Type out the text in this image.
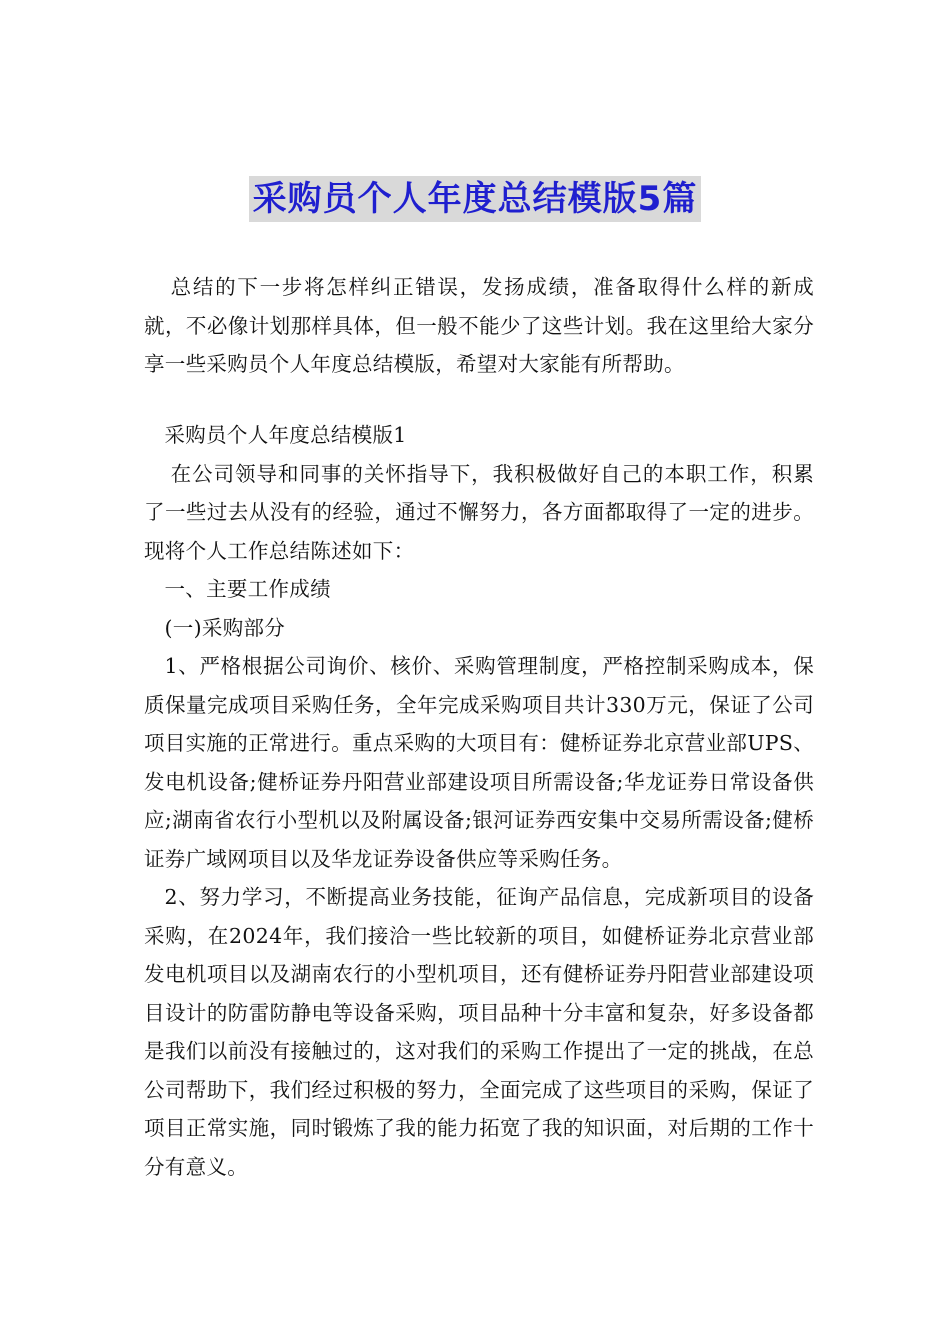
采购员个人年度总结模版5篇

总结的下一步将怎样纠正错误，发扬成绩，准备取得什么样的新成就，不必像计划那样具体，但一般不能少了这些计划。我在这里给大家分享一些采购员个人年度总结模版，希望对大家能有所帮助。

采购员个人年度总结模版1

在公司领导和同事的关怀指导下，我积极做好自己的本职工作，积累了一些过去从没有的经验，通过不懈努力，各方面都取得了一定的进步。现将个人工作总结陈述如下：

一、主要工作成绩

(一)采购部分

1、严格根据公司询价、核价、采购管理制度，严格控制采购成本，保质保量完成项目采购任务，全年完成采购项目共计330万元，保证了公司项目实施的正常进行。重点采购的大项目有：健桥证券北京营业部UPS、发电机设备;健桥证券丹阳营业部建设项目所需设备;华龙证券日常设备供应;湖南省农行小型机以及附属设备;银河证券西安集中交易所需设备;健桥证券广域网项目以及华龙证券设备供应等采购任务。

2、努力学习，不断提高业务技能，征询产品信息，完成新项目的设备采购，在2024年，我们接洽一些比较新的项目，如健桥证券北京营业部发电机项目以及湖南农行的小型机项目，还有健桥证券丹阳营业部建设项目设计的防雷防静电等设备采购，项目品种十分丰富和复杂，好多设备都是我们以前没有接触过的，这对我们的采购工作提出了一定的挑战，在总公司帮助下，我们经过积极的努力，全面完成了这些项目的采购，保证了项目正常实施，同时锻炼了我的能力拓宽了我的知识面，对后期的工作十分有意义。
